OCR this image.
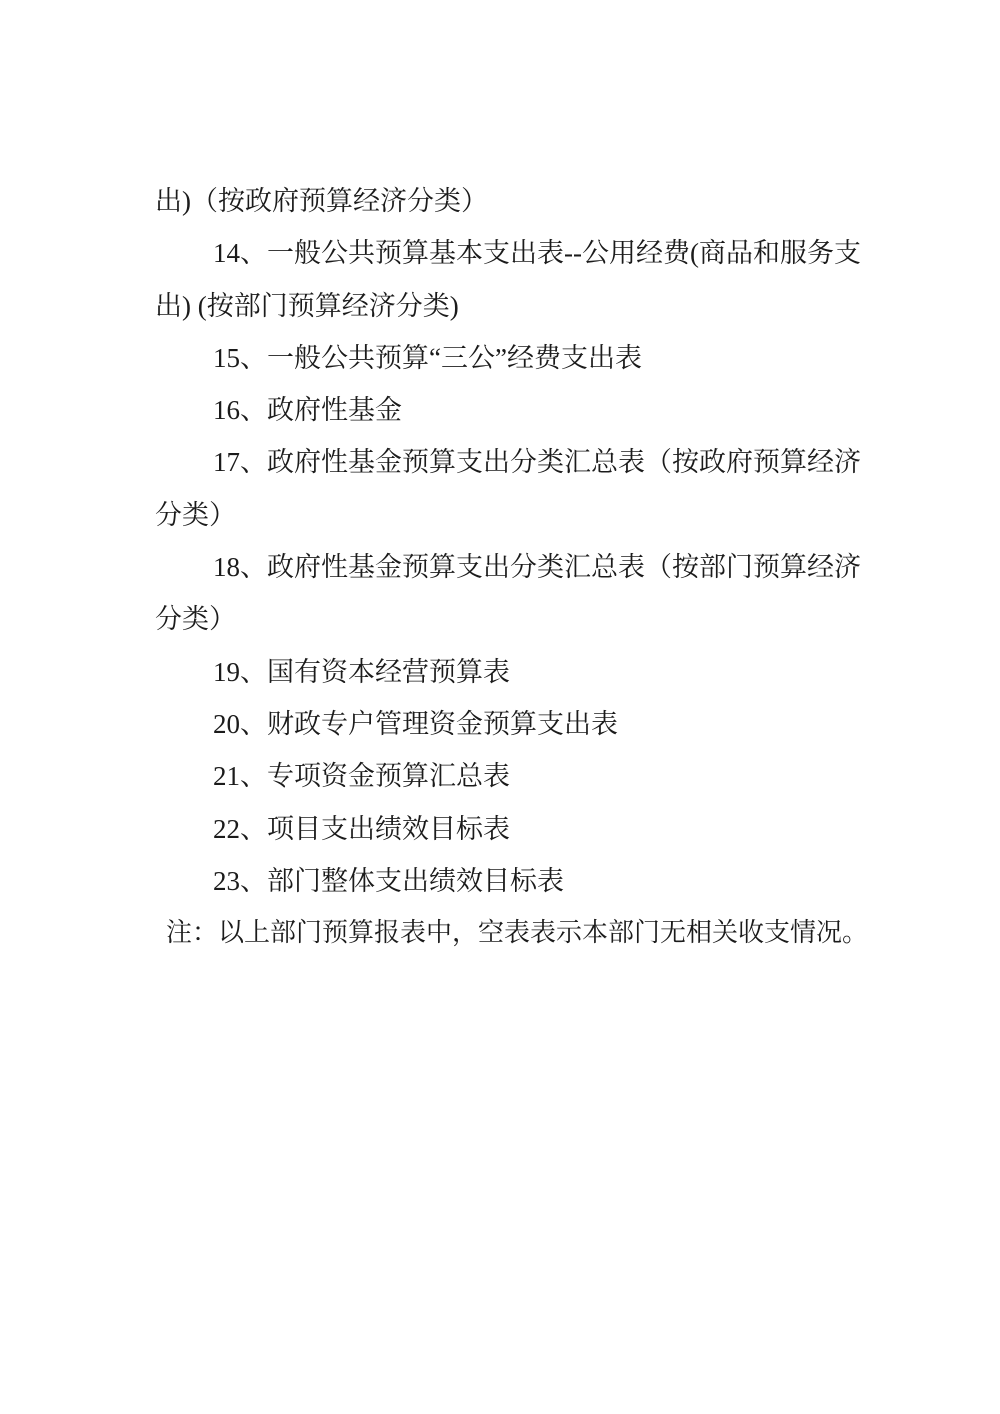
出)（按政府预算经济分类）
14、一般公共预算基本支出表--公用经费(商品和服务支
出) (按部门预算经济分类)
15、一般公共预算“三公”经费支出表
16、政府性基金
17、政府性基金预算支出分类汇总表（按政府预算经济
分类）
18、政府性基金预算支出分类汇总表（按部门预算经济
分类）
19、国有资本经营预算表
20、财政专户管理资金预算支出表
21、专项资金预算汇总表
22、项目支出绩效目标表
23、部门整体支出绩效目标表
注：以上部门预算报表中，空表表示本部门无相关收支情况。
